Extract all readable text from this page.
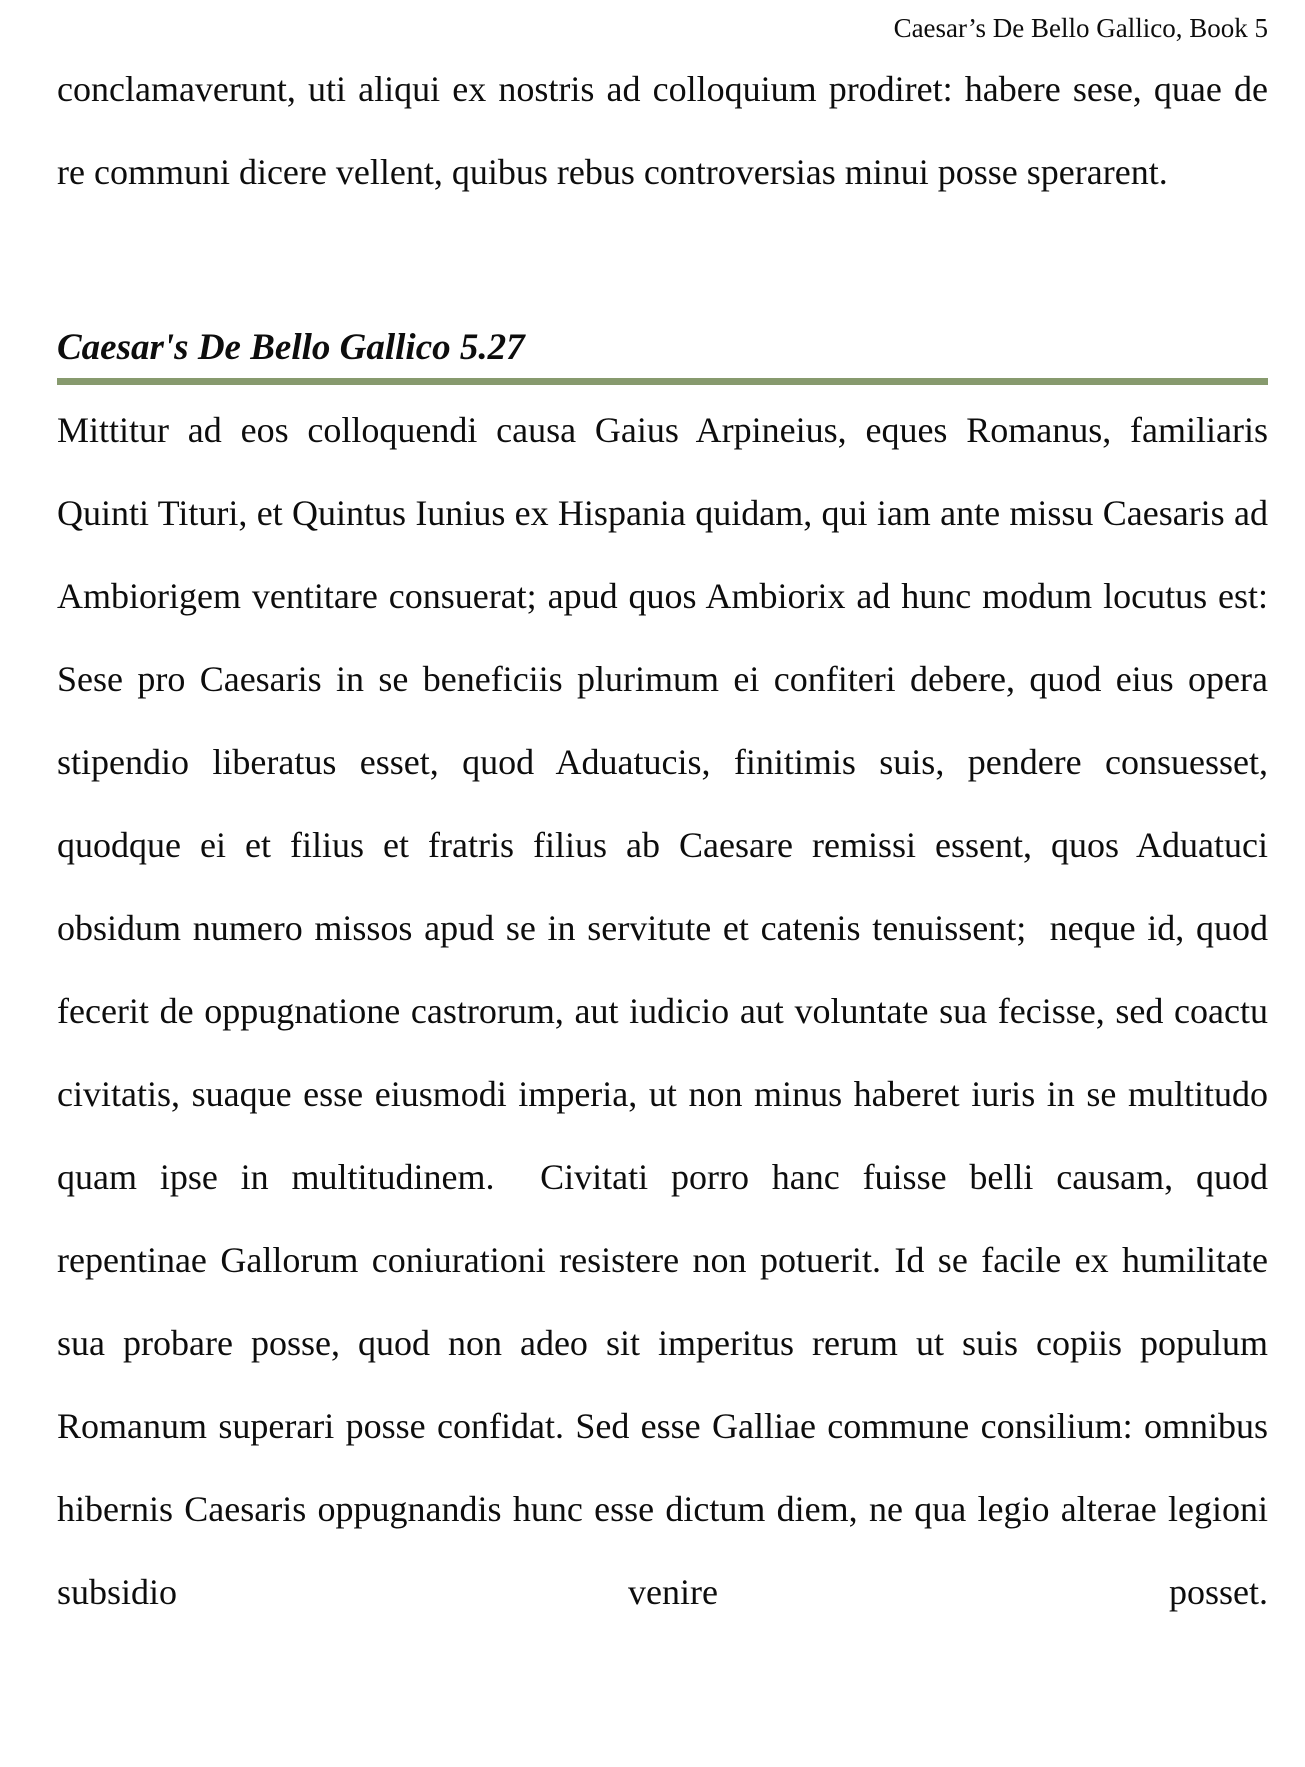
Caesar’s De Bello Gallico, Book 5

conclamaverunt, uti aliqui ex nostris ad colloquium prodiret: habere sese, quae de re communi dicere vellent, quibus rebus controversias minui posse sperarent.

Caesar's De Bello Gallico 5.27

Mittitur ad eos colloquendi causa Gaius Arpineius, eques Romanus, familiaris Quinti Tituri, et Quintus Iunius ex Hispania quidam, qui iam ante missu Caesaris ad Ambiorigem ventitare consuerat; apud quos Ambiorix ad hunc modum locutus est:  Sese pro Caesaris in se beneficiis plurimum ei confiteri debere, quod eius opera stipendio liberatus esset, quod Aduatucis, finitimis suis, pendere consuesset, quodque ei et filius et fratris filius ab Caesare remissi essent, quos Aduatuci obsidum numero missos apud se in servitute et catenis tenuissent;  neque id, quod fecerit de oppugnatione castrorum, aut iudicio aut voluntate sua fecisse, sed coactu civitatis, suaque esse eiusmodi imperia, ut non minus haberet iuris in se multitudo quam ipse in multitudinem.  Civitati porro hanc fuisse belli causam, quod repentinae Gallorum coniurationi resistere non potuerit. Id se facile ex humilitate sua probare posse, quod non adeo sit imperitus rerum ut suis copiis populum Romanum superari posse confidat. Sed esse Galliae commune consilium: omnibus hibernis Caesaris oppugnandis hunc esse dictum diem, ne qua legio alterae legioni subsidio venire posset.
